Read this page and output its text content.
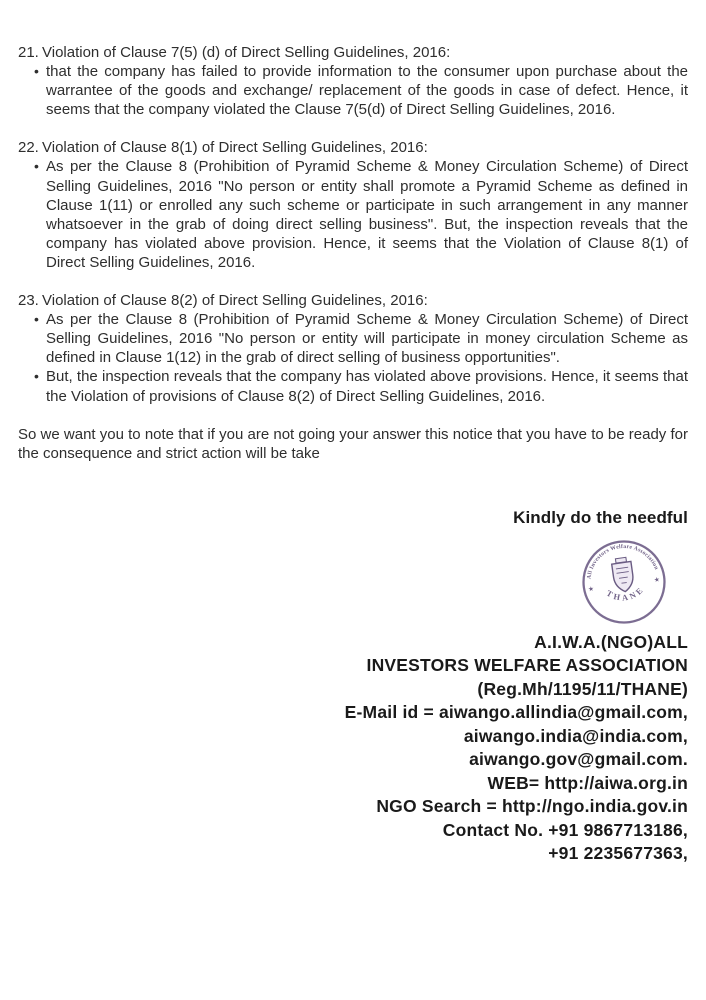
21. Violation of Clause 7(5) (d) of Direct Selling Guidelines, 2016:
• that the company has failed to provide information to the consumer upon purchase about the warrantee of the goods and exchange/ replacement of the goods in case of defect. Hence, it seems that the company violated the Clause 7(5(d) of Direct Selling Guidelines, 2016.
22. Violation of Clause 8(1) of Direct Selling Guidelines, 2016:
• As per the Clause 8 (Prohibition of Pyramid Scheme & Money Circulation Scheme) of Direct Selling Guidelines, 2016 "No person or entity shall promote a Pyramid Scheme as defined in Clause 1(11) or enrolled any such scheme or participate in such arrangement in any manner whatsoever in the grab of doing direct selling business". But, the inspection reveals that the company has violated above provision. Hence, it seems that the Violation of Clause 8(1) of Direct Selling Guidelines, 2016.
23. Violation of Clause 8(2) of Direct Selling Guidelines, 2016:
• As per the Clause 8 (Prohibition of Pyramid Scheme & Money Circulation Scheme) of Direct Selling Guidelines, 2016 "No person or entity will participate in money circulation Scheme as defined in Clause 1(12) in the grab of direct selling of business opportunities".
• But, the inspection reveals that the company has violated above provisions. Hence, it seems that the Violation of provisions of Clause 8(2) of Direct Selling Guidelines, 2016.

So we want you to note that if you are not going your answer this notice that you have to be ready for the consequence and strict action will be take

Kindly do the needful
All Investors Welfare Association
THANE
★
★
A.I.W.A.(NGO)ALL
INVESTORS WELFARE ASSOCIATION
(Reg.Mh/1195/11/THANE)
E-Mail id = aiwango.allindia@gmail.com,
aiwango.india@india.com,
aiwango.gov@gmail.com.
WEB= http://aiwa.org.in
NGO Search = http://ngo.india.gov.in
Contact No. +91 9867713186,
+91 2235677363,
